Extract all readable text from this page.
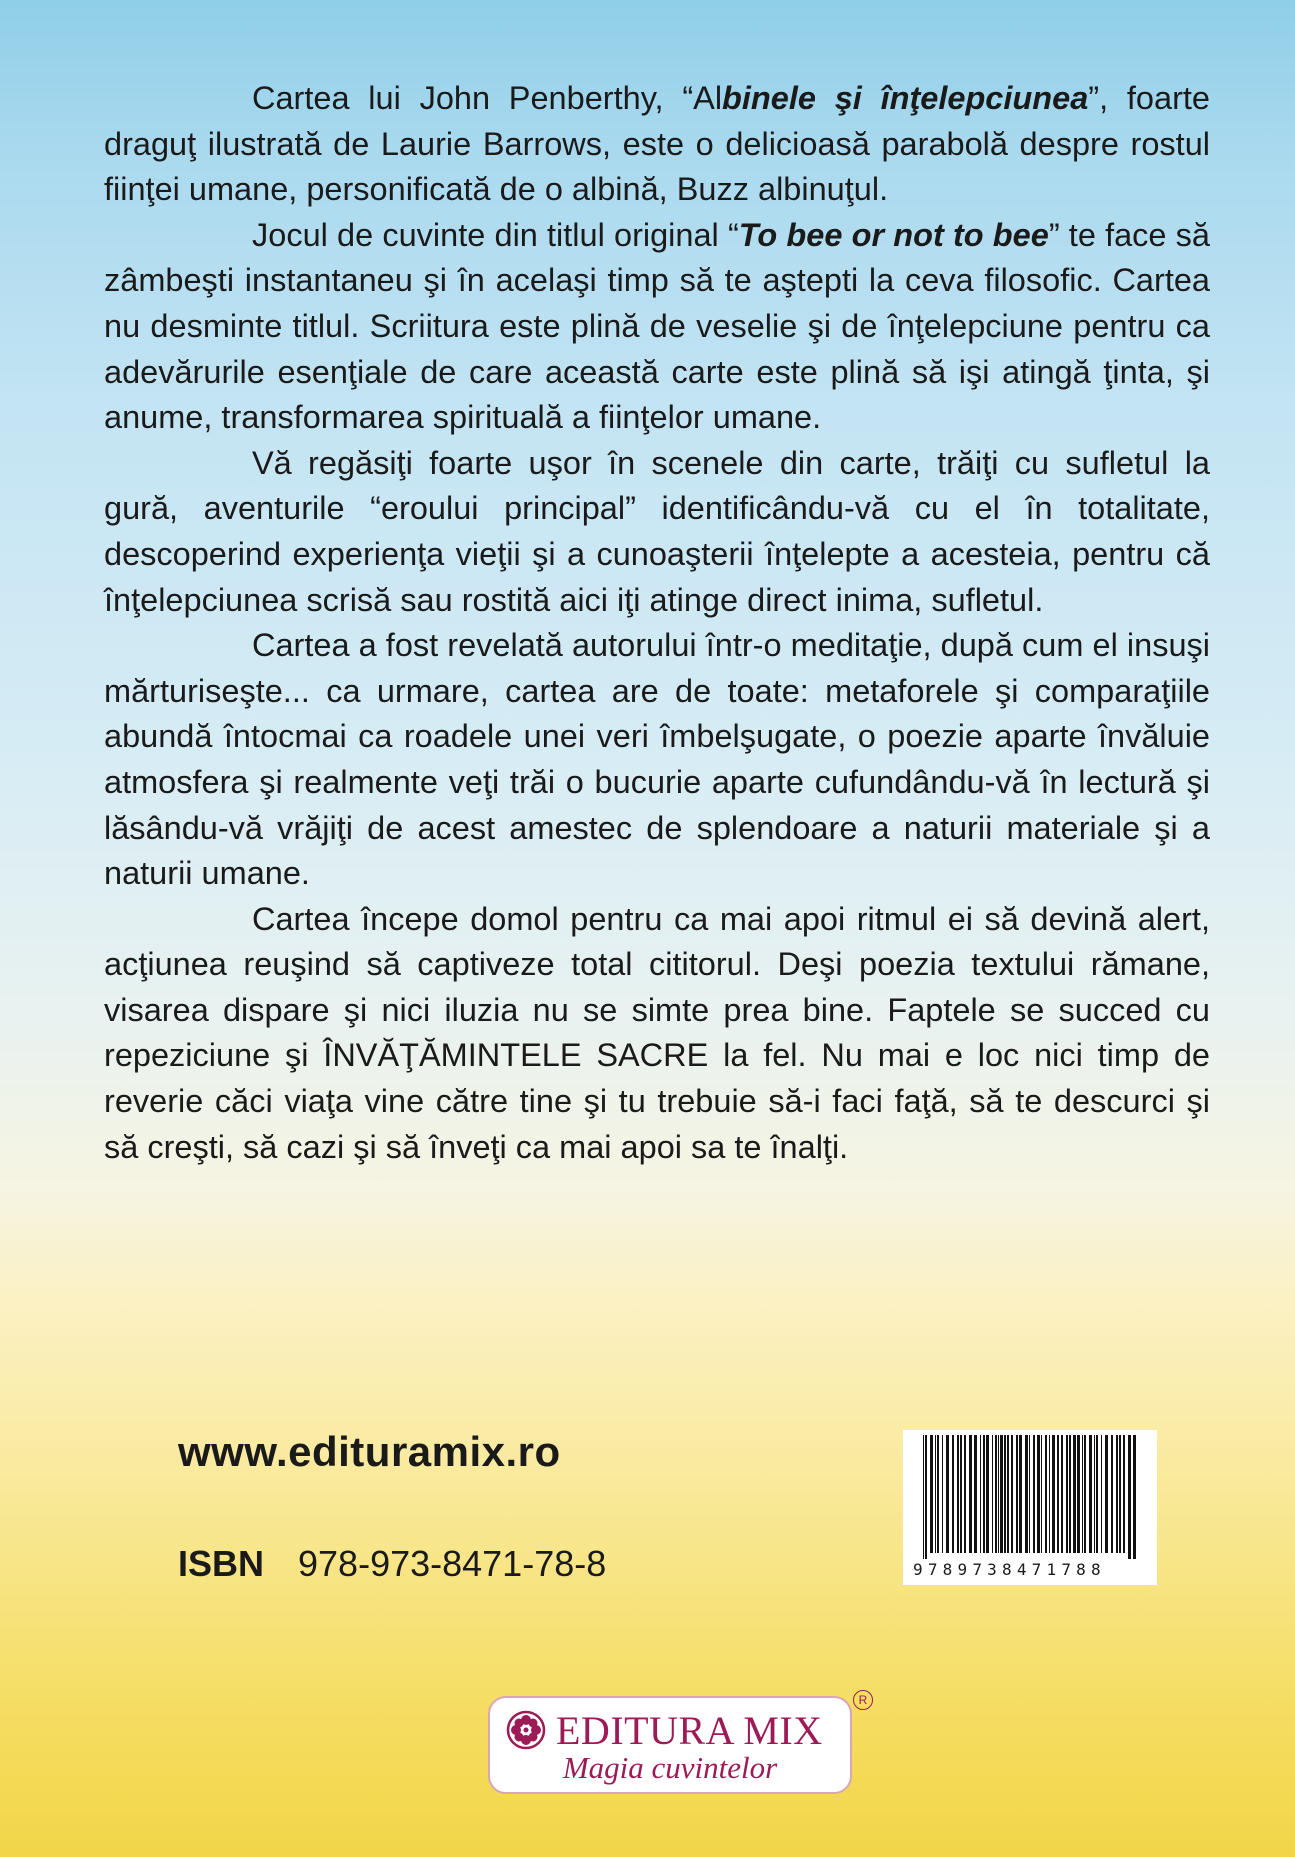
Cartea lui John Penberthy, “Albinele şi înţelepciunea”, foarte draguţ ilustrată de Laurie Barrows, este o delicioasă parabolă despre rostul fiinţei umane, personificată de o albină, Buzz albinuţul.

Jocul de cuvinte din titlul original “To bee or not to bee” te face să zâmbeşti instantaneu şi în acelaşi timp să te aştepti la ceva filosofic. Cartea nu desminte titlul. Scriitura este plină de veselie şi de înţelepciune pentru ca adevărurile esenţiale de care această carte este plină să işi atingă ţinta, şi anume, transformarea spirituală a fiinţelor umane.

Vă regăsiţi foarte uşor în scenele din carte, trăiţi cu sufletul la gură, aventurile “eroului principal” identificându-vă cu el în totalitate, descoperind experienţa vieţii şi a cunoaşterii înţelepte a acesteia, pentru că înţelepciunea scrisă sau rostită aici iţi atinge direct inima, sufletul.

Cartea a fost revelată autorului într-o meditaţie, după cum el insuşi mărturiseşte... ca urmare, cartea are de toate: metaforele şi comparaţiile abundă întocmai ca roadele unei veri îmbelşugate, o poezie aparte învăluie atmosfera şi realmente veţi trăi o bucurie aparte cufundându-vă în lectură şi lăsându-vă vrăjiţi de acest amestec de splendoare a naturii materiale şi a naturii umane.

Cartea începe domol pentru ca mai apoi ritmul ei să devină alert, acţiunea reuşind să captiveze total cititorul. Deşi poezia textului rămane, visarea dispare şi nici iluzia nu se simte prea bine. Faptele se succed cu repeziciune şi ÎNVĂŢĂMINTELE SACRE la fel. Nu mai e loc nici timp de reverie căci viaţa vine către tine şi tu trebuie să-i faci faţă, să te descurci şi să creşti, să cazi şi să înveţi ca mai apoi sa te înalţi.

www.edituramix.ro
ISBN 978-973-8471-78-8	9789738471788
EDITURA MIX
Magia cuvintelor
R
